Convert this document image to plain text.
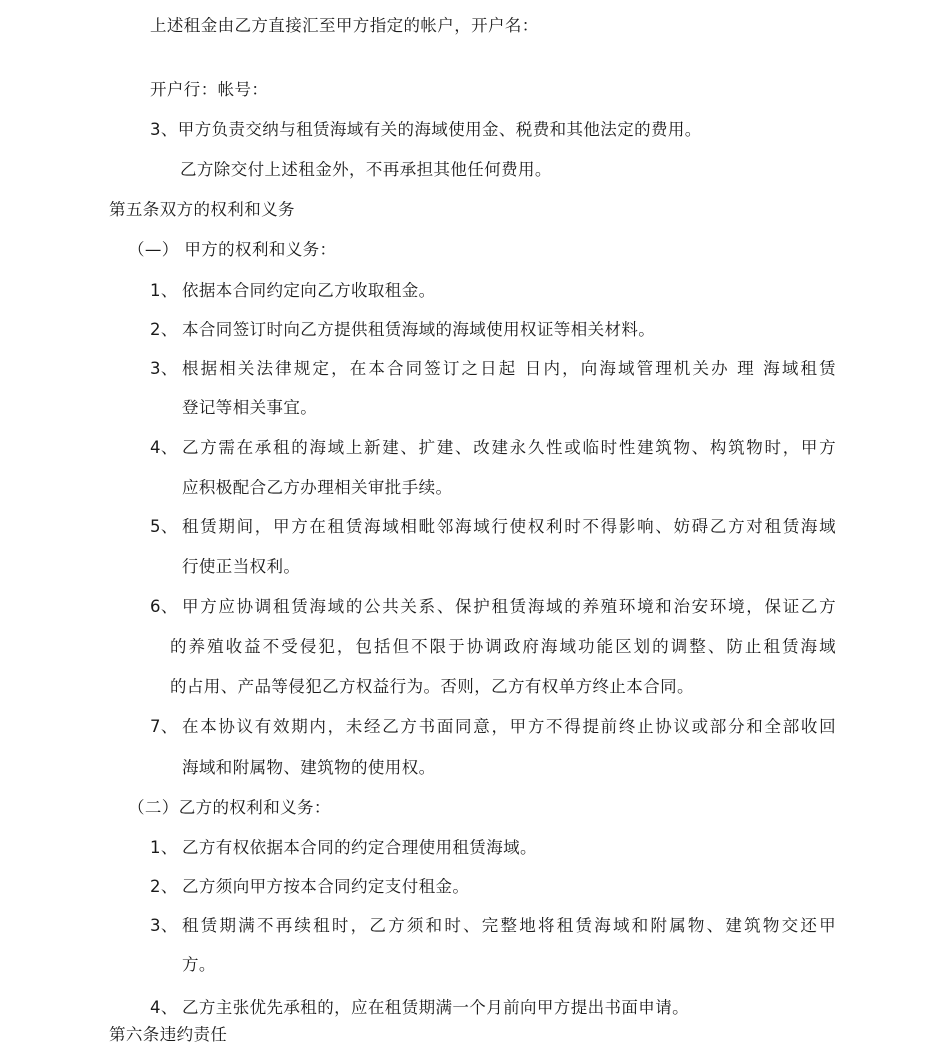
上述租金由乙方直接汇至甲方指定的帐户，开户名：
开户行：帐号：
3、甲方负责交纳与租赁海域有关的海域使用金、税费和其他法定的费用。
乙方除交付上述租金外，不再承担其他任何费用。
第五条双方的权利和义务
（—） 甲方的权利和义务：
1、 依据本合同约定向乙方收取租金。
2、 本合同签订时向乙方提供租赁海域的海域使用权证等相关材料。
3、 根据相关法律规定，在本合同签订之日起 日内，向海域管理机关办 理 海域租赁
登记等相关事宜。
4、 乙方需在承租的海域上新建、扩建、改建永久性或临时性建筑物、构筑物时，甲方
应积极配合乙方办理相关审批手续。
5、 租赁期间，甲方在租赁海域相毗邻海域行使权利时不得影响、妨碍乙方对租赁海域
行使正当权利。
6、 甲方应协调租赁海域的公共关系、保护租赁海域的养殖环境和治安环境，保证乙方
的养殖收益不受侵犯，包括但不限于协调政府海域功能区划的调整、防止租赁海域
的占用、产品等侵犯乙方权益行为。否则，乙方有权单方终止本合同。
7、 在本协议有效期内，未经乙方书面同意，甲方不得提前终止协议或部分和全部收回
海域和附属物、建筑物的使用权。
（二）乙方的权利和义务：
1、 乙方有权依据本合同的约定合理使用租赁海域。
2、 乙方须向甲方按本合同约定支付租金。
3、 租赁期满不再续租时，乙方须和时、完整地将租赁海域和附属物、建筑物交还甲
方。
4、 乙方主张优先承租的，应在租赁期满一个月前向甲方提出书面申请。
第六条违约责任
